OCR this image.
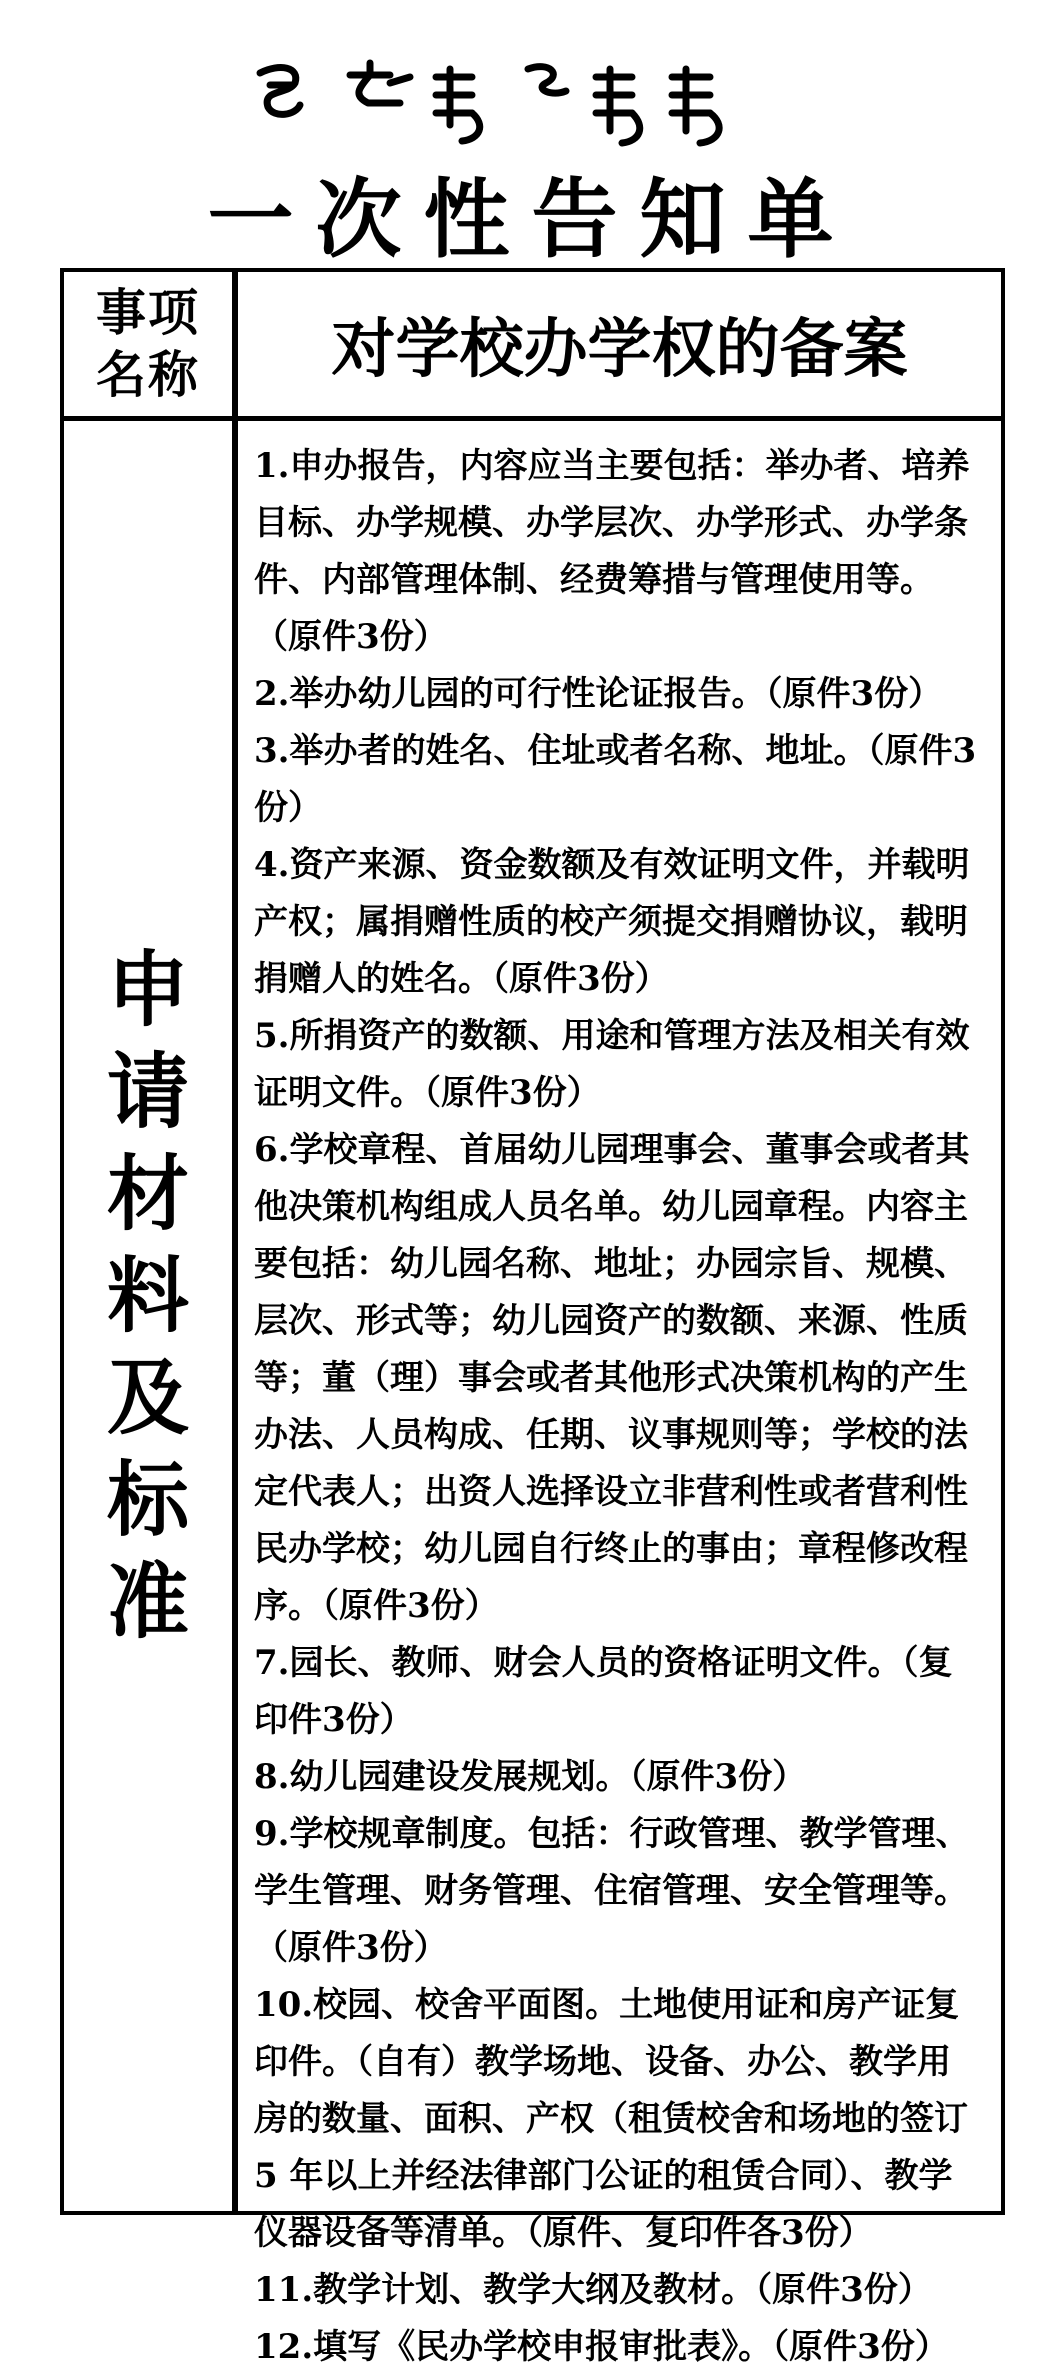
一次性告知单
事项
名称	对学校办学权的备案
申
请
材
料
及
标
准
1.申办报告，内容应当主要包括：举办者、培养目标、办学规模、办学层次、办学形式、办学条件、内部管理体制、经费筹措与管理使用等。（原件3份）
2.举办幼儿园的可行性论证报告。（原件3份）
3.举办者的姓名、住址或者名称、地址。（原件3份）
4.资产来源、资金数额及有效证明文件，并载明产权；属捐赠性质的校产须提交捐赠协议，载明捐赠人的姓名。（原件3份）
5.所捐资产的数额、用途和管理方法及相关有效证明文件。（原件3份）
6.学校章程、首届幼儿园理事会、董事会或者其他决策机构组成人员名单。幼儿园章程。内容主要包括：幼儿园名称、地址；办园宗旨、规模、层次、形式等；幼儿园资产的数额、来源、性质等；董（理）事会或者其他形式决策机构的产生办法、人员构成、任期、议事规则等；学校的法定代表人；出资人选择设立非营利性或者营利性民办学校；幼儿园自行终止的事由；章程修改程序。（原件3份）
7.园长、教师、财会人员的资格证明文件。（复印件3份）
8.幼儿园建设发展规划。（原件3份）
9.学校规章制度。包括：行政管理、教学管理、学生管理、财务管理、住宿管理、安全管理等。（原件3份）
10.校园、校舍平面图。土地使用证和房产证复印件。（自有）教学场地、设备、办公、教学用房的数量、面积、产权（租赁校舍和场地的签订 5 年以上并经法律部门公证的租赁合同）、教学仪器设备等清单。（原件、复印件各3份）
11.教学计划、教学大纲及教材。（原件3份）
12.填写《民办学校申报审批表》。（原件3份）
